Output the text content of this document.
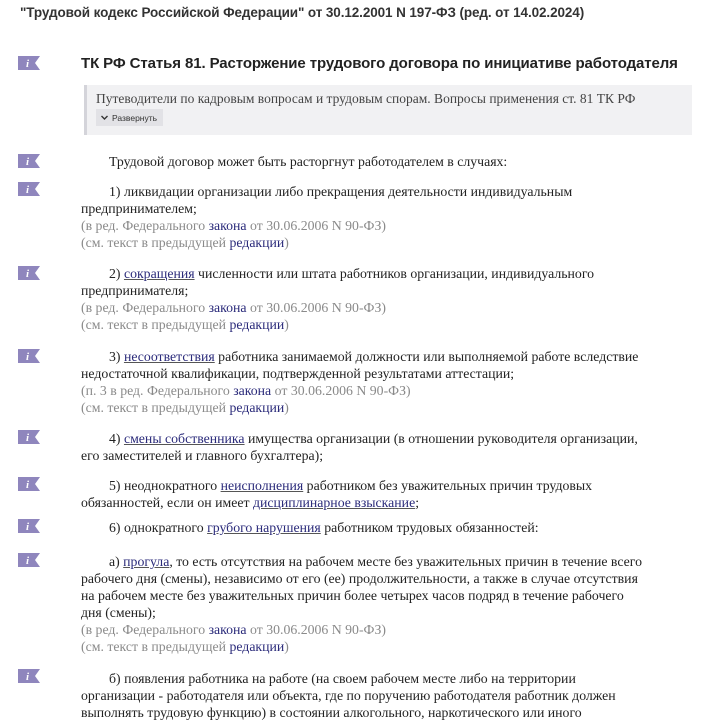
"Трудовой кодекс Российской Федерации" от 30.12.2001 N 197-ФЗ (ред. от 14.02.2024)
i
i
i
i
i
i
i
i
i
i
ТК РФ Статья 81. Расторжение трудового договора по инициативе работодателя
Путеводители по кадровым вопросам и трудовым спорам. Вопросы применения ст. 81 ТК РФ
Развернуть
Трудовой договор может быть расторгнут работодателем в случаях:
1) ликвидации организации либо прекращения деятельности индивидуальным
предпринимателем;
(в ред. Федерального закона от 30.06.2006 N 90-ФЗ)
(см. текст в предыдущей редакции)
2) сокращения численности или штата работников организации, индивидуального
предпринимателя;
(в ред. Федерального закона от 30.06.2006 N 90-ФЗ)
(см. текст в предыдущей редакции)
3) несоответствия работника занимаемой должности или выполняемой работе вследствие
недостаточной квалификации, подтвержденной результатами аттестации;
(п. 3 в ред. Федерального закона от 30.06.2006 N 90-ФЗ)
(см. текст в предыдущей редакции)
4) смены собственника имущества организации (в отношении руководителя организации,
его заместителей и главного бухгалтера);
5) неоднократного неисполнения работником без уважительных причин трудовых
обязанностей, если он имеет дисциплинарное взыскание;
6) однократного грубого нарушения работником трудовых обязанностей:
а) прогула, то есть отсутствия на рабочем месте без уважительных причин в течение всего
рабочего дня (смены), независимо от его (ее) продолжительности, а также в случае отсутствия
на рабочем месте без уважительных причин более четырех часов подряд в течение рабочего
дня (смены);
(в ред. Федерального закона от 30.06.2006 N 90-ФЗ)
(см. текст в предыдущей редакции)
б) появления работника на работе (на своем рабочем месте либо на территории
организации - работодателя или объекта, где по поручению работодателя работник должен
выполнять трудовую функцию) в состоянии алкогольного, наркотического или иного
